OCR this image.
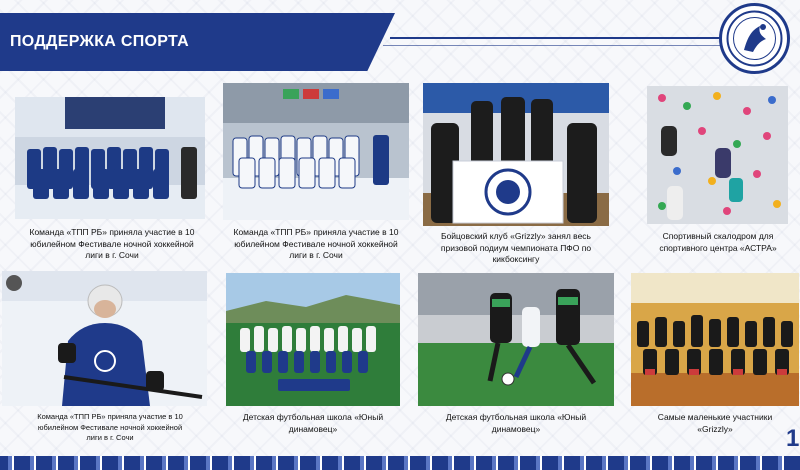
ПОДДЕРЖКА СПОРТА
Команда «ТПП РБ» приняла участие в 10 юбилейном Фестивале ночной хоккейной лиги в г. Сочи
Команда «ТПП РБ» приняла участие в 10 юбилейном Фестивале ночной хоккейной лиги в г. Сочи
Бойцовский клуб «Grizzly» занял весь призовой подиум чемпионата ПФО по кикбоксингу
Спортивный скалодром для спортивного центра «АСТРА»
Команда «ТПП РБ» приняла участие в 10 юбилейном Фестивале ночной хоккейной лиги в г. Сочи
Детская футбольная школа «Юный динамовец»
Детская футбольная школа «Юный динамовец»
Самые маленькие участники «Grizzly»	1
